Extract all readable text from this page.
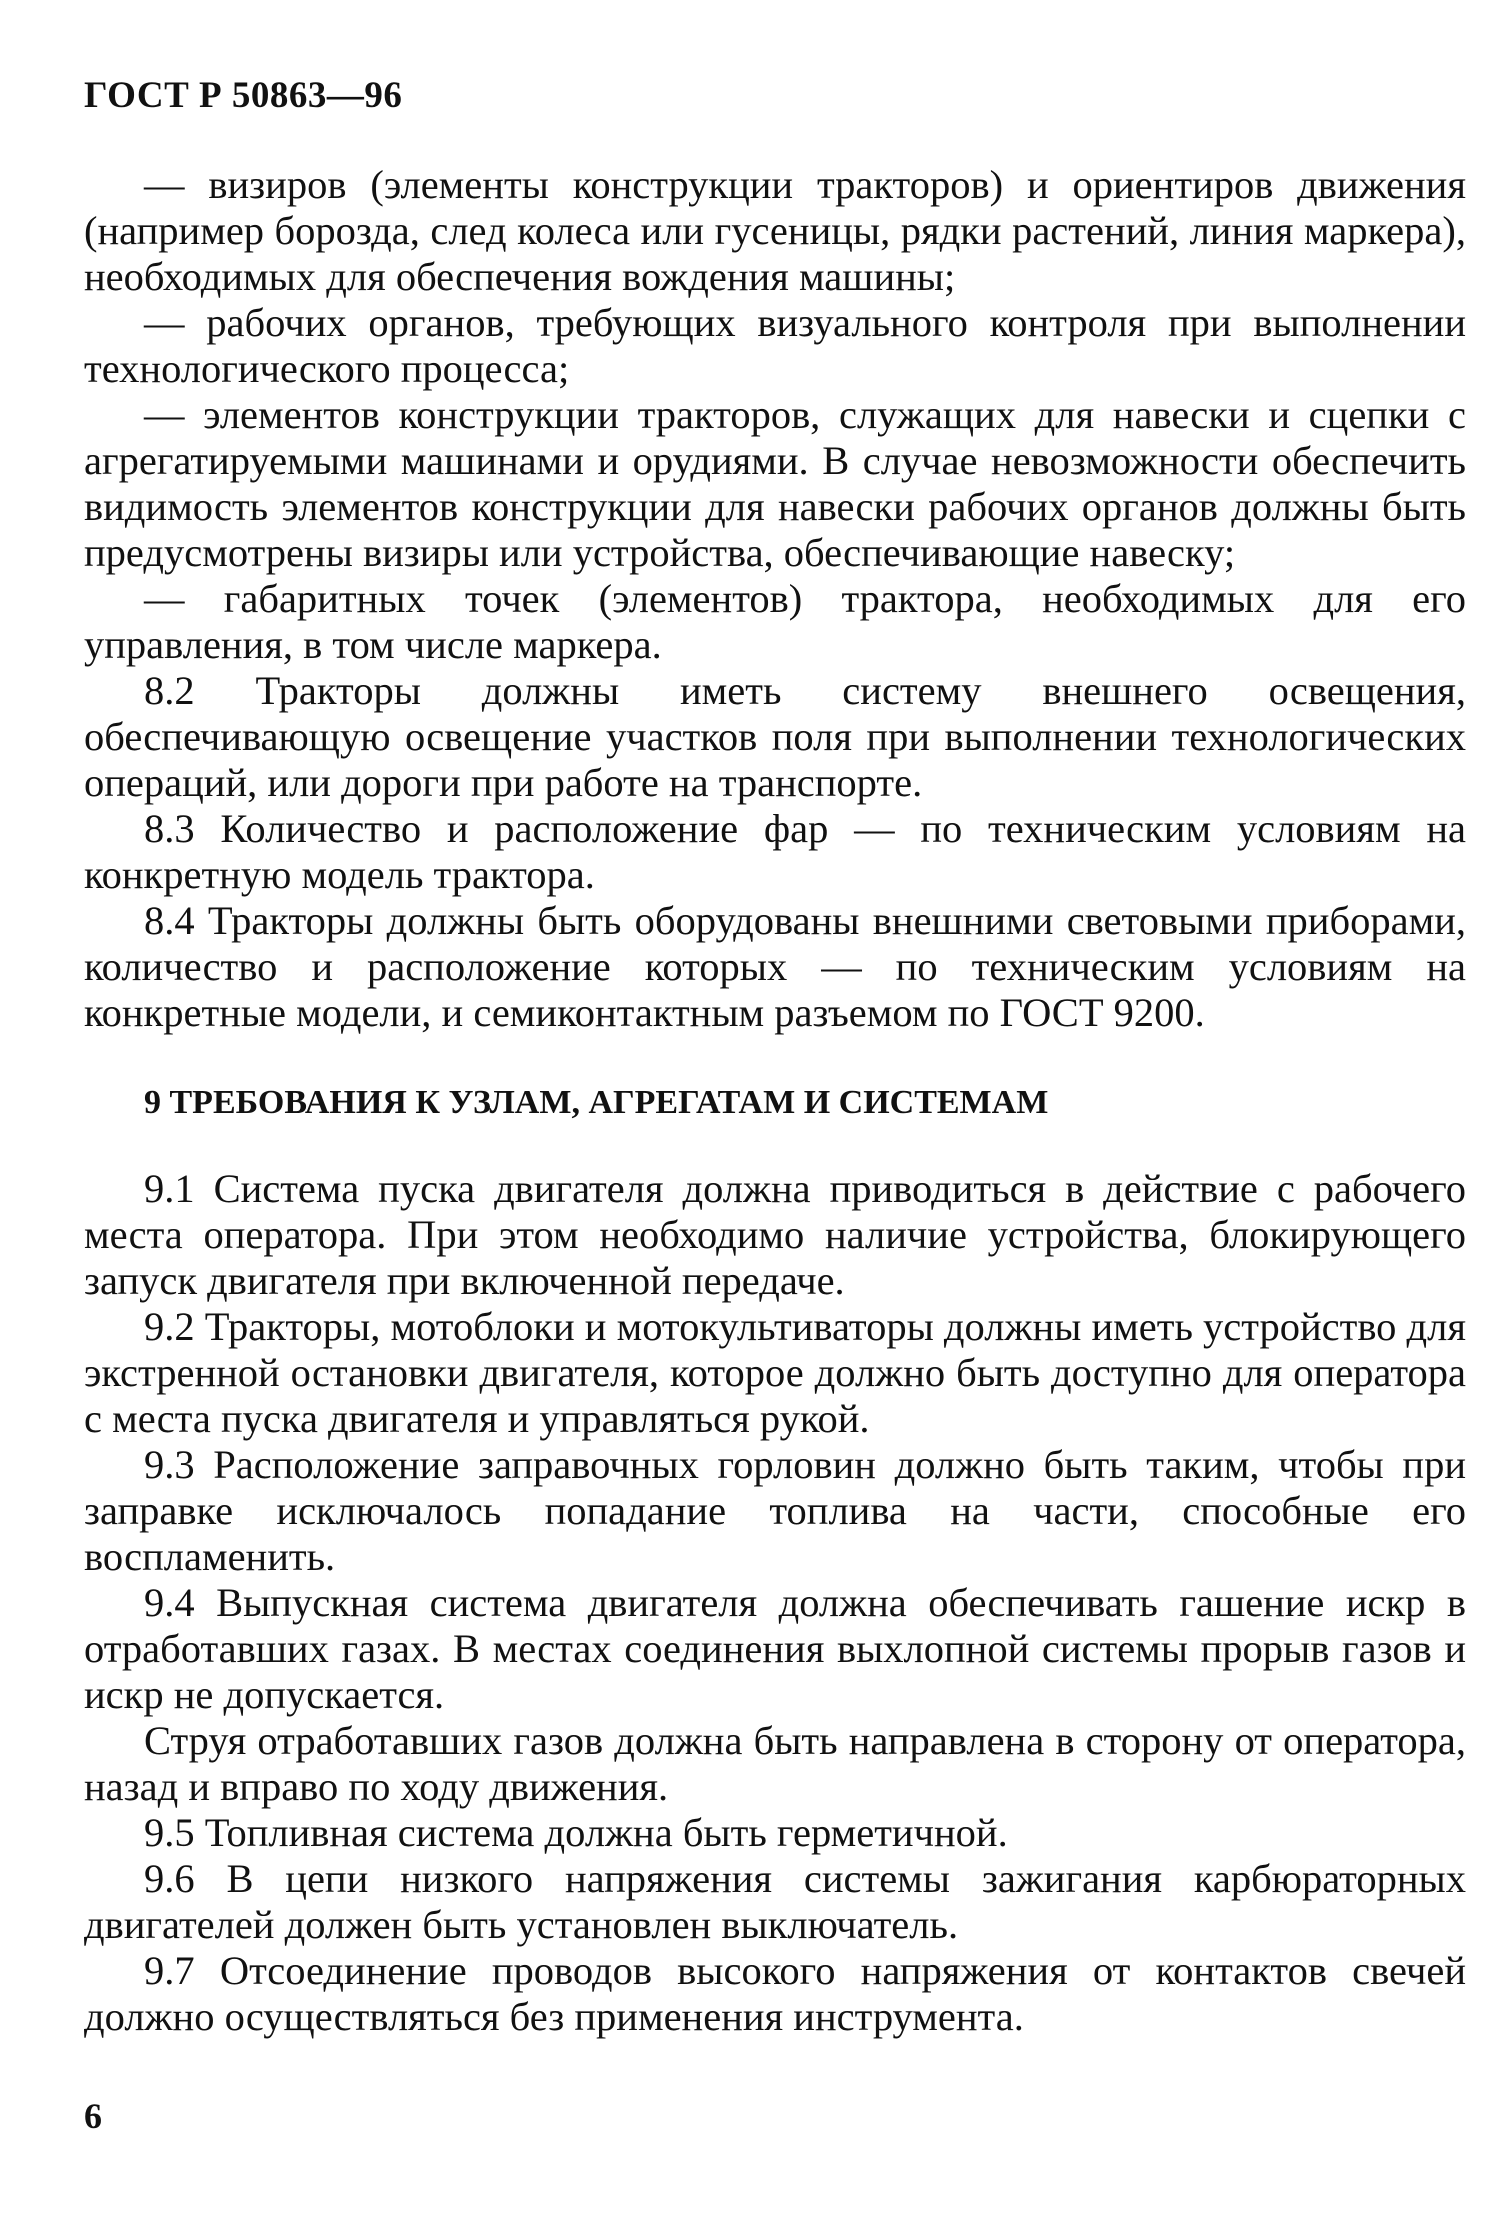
ГОСТ Р 50863—96

— визиров (элементы конструкции тракторов) и ориентиров движения (например борозда, след колеса или гусеницы, рядки растений, линия маркера), необходимых для обеспечения вождения машины;

— рабочих органов, требующих визуального контроля при выполнении технологического процесса;

— элементов конструкции тракторов, служащих для навески и сцепки с агрегатируемыми машинами и орудиями. В случае невозможности обеспечить видимость элементов конструкции для навески рабочих органов должны быть предусмотрены визиры или устройства, обеспечивающие навеску;

— габаритных точек (элементов) трактора, необходимых для его управления, в том числе маркера.

8.2 Тракторы должны иметь систему внешнего освещения, обеспечивающую освещение участков поля при выполнении технологических операций, или дороги при работе на транспорте.

8.3 Количество и расположение фар — по техническим условиям на конкретную модель трактора.

8.4 Тракторы должны быть оборудованы внешними световыми приборами, количество и расположение которых — по техническим условиям на конкретные модели, и семиконтактным разъемом по ГОСТ 9200.

9 ТРЕБОВАНИЯ К УЗЛАМ, АГРЕГАТАМ И СИСТЕМАМ

9.1 Система пуска двигателя должна приводиться в действие с рабочего места оператора. При этом необходимо наличие устройства, блокирующего запуск двигателя при включенной передаче.

9.2 Тракторы, мотоблоки и мотокультиваторы должны иметь устройство для экстренной остановки двигателя, которое должно быть доступно для оператора с места пуска двигателя и управляться рукой.

9.3 Расположение заправочных горловин должно быть таким, чтобы при заправке исключалось попадание топлива на части, способные его воспламенить.

9.4 Выпускная система двигателя должна обеспечивать гашение искр в отработавших газах. В местах соединения выхлопной системы прорыв газов и искр не допускается.

Струя отработавших газов должна быть направлена в сторону от оператора, назад и вправо по ходу движения.

9.5 Топливная система должна быть герметичной.

9.6 В цепи низкого напряжения системы зажигания карбюраторных двигателей должен быть установлен выключатель.

9.7 Отсоединение проводов высокого напряжения от контактов свечей должно осуществляться без применения инструмента.

6
